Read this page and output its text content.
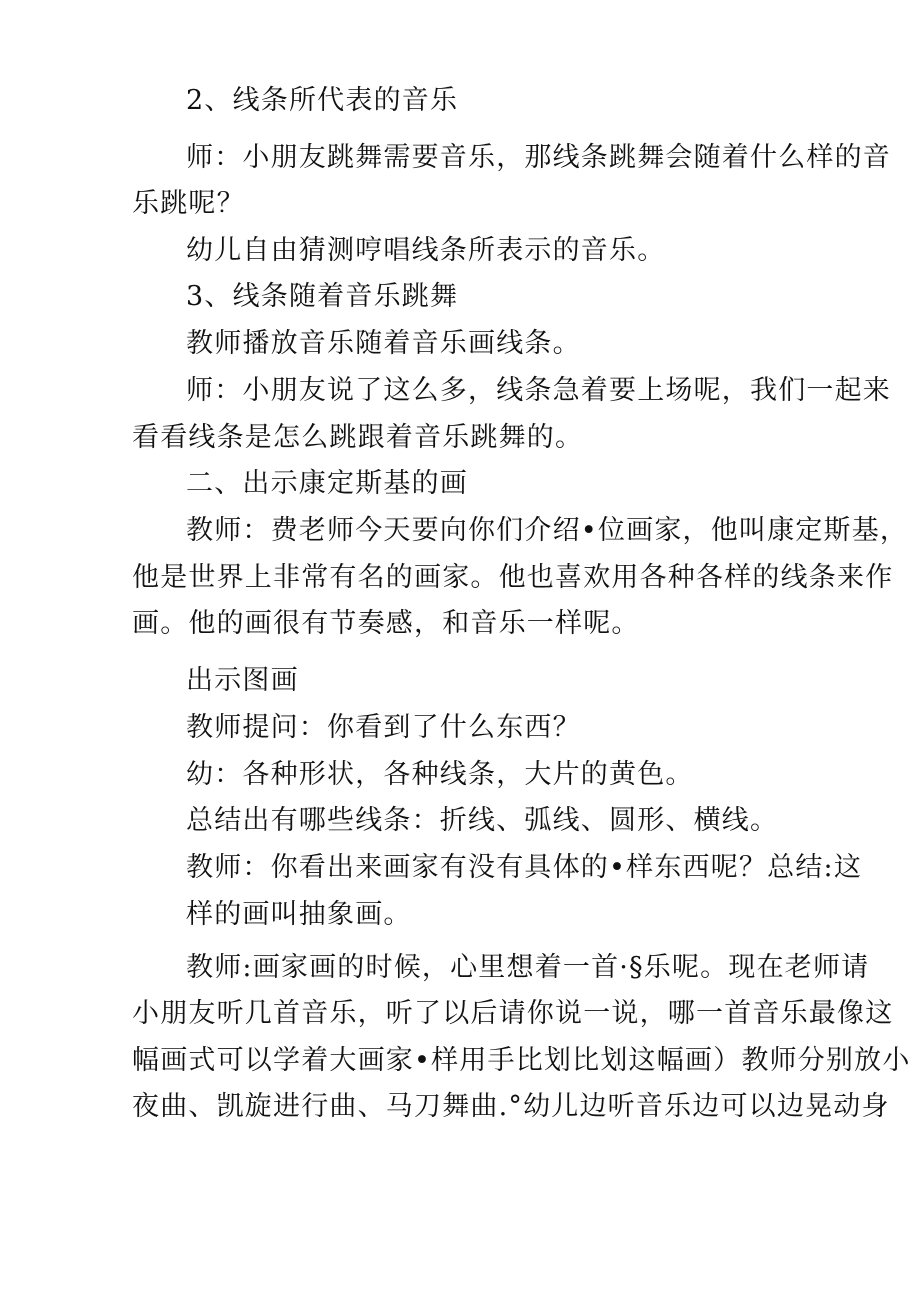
2、线条所代表的音乐
师：小朋友跳舞需要音乐，那线条跳舞会随着什么样的音
乐跳呢？
幼儿自由猜测哼唱线条所表示的音乐。
3、线条随着音乐跳舞
教师播放音乐随着音乐画线条。
师：小朋友说了这么多，线条急着要上场呢，我们一起来
看看线条是怎么跳跟着音乐跳舞的。
二、出示康定斯基的画
教师：费老师今天要向你们介绍•位画家，他叫康定斯基，
他是世界上非常有名的画家。他也喜欢用各种各样的线条来作
画。他的画很有节奏感，和音乐一样呢。
出示图画
教师提问：你看到了什么东西？
幼：各种形状，各种线条，大片的黄色。
总结出有哪些线条：折线、弧线、圆形、横线。
教师：你看出来画家有没有具体的•样东西呢？总结:这
样的画叫抽象画。
教师:画家画的时候，心里想着一首·§乐呢。现在老师请
小朋友听几首音乐，听了以后请你说一说，哪一首音乐最像这
幅画式可以学着大画家•样用手比划比划这幅画）教师分别放小
夜曲、凯旋进行曲、马刀舞曲.°幼儿边听音乐边可以边晃动身
